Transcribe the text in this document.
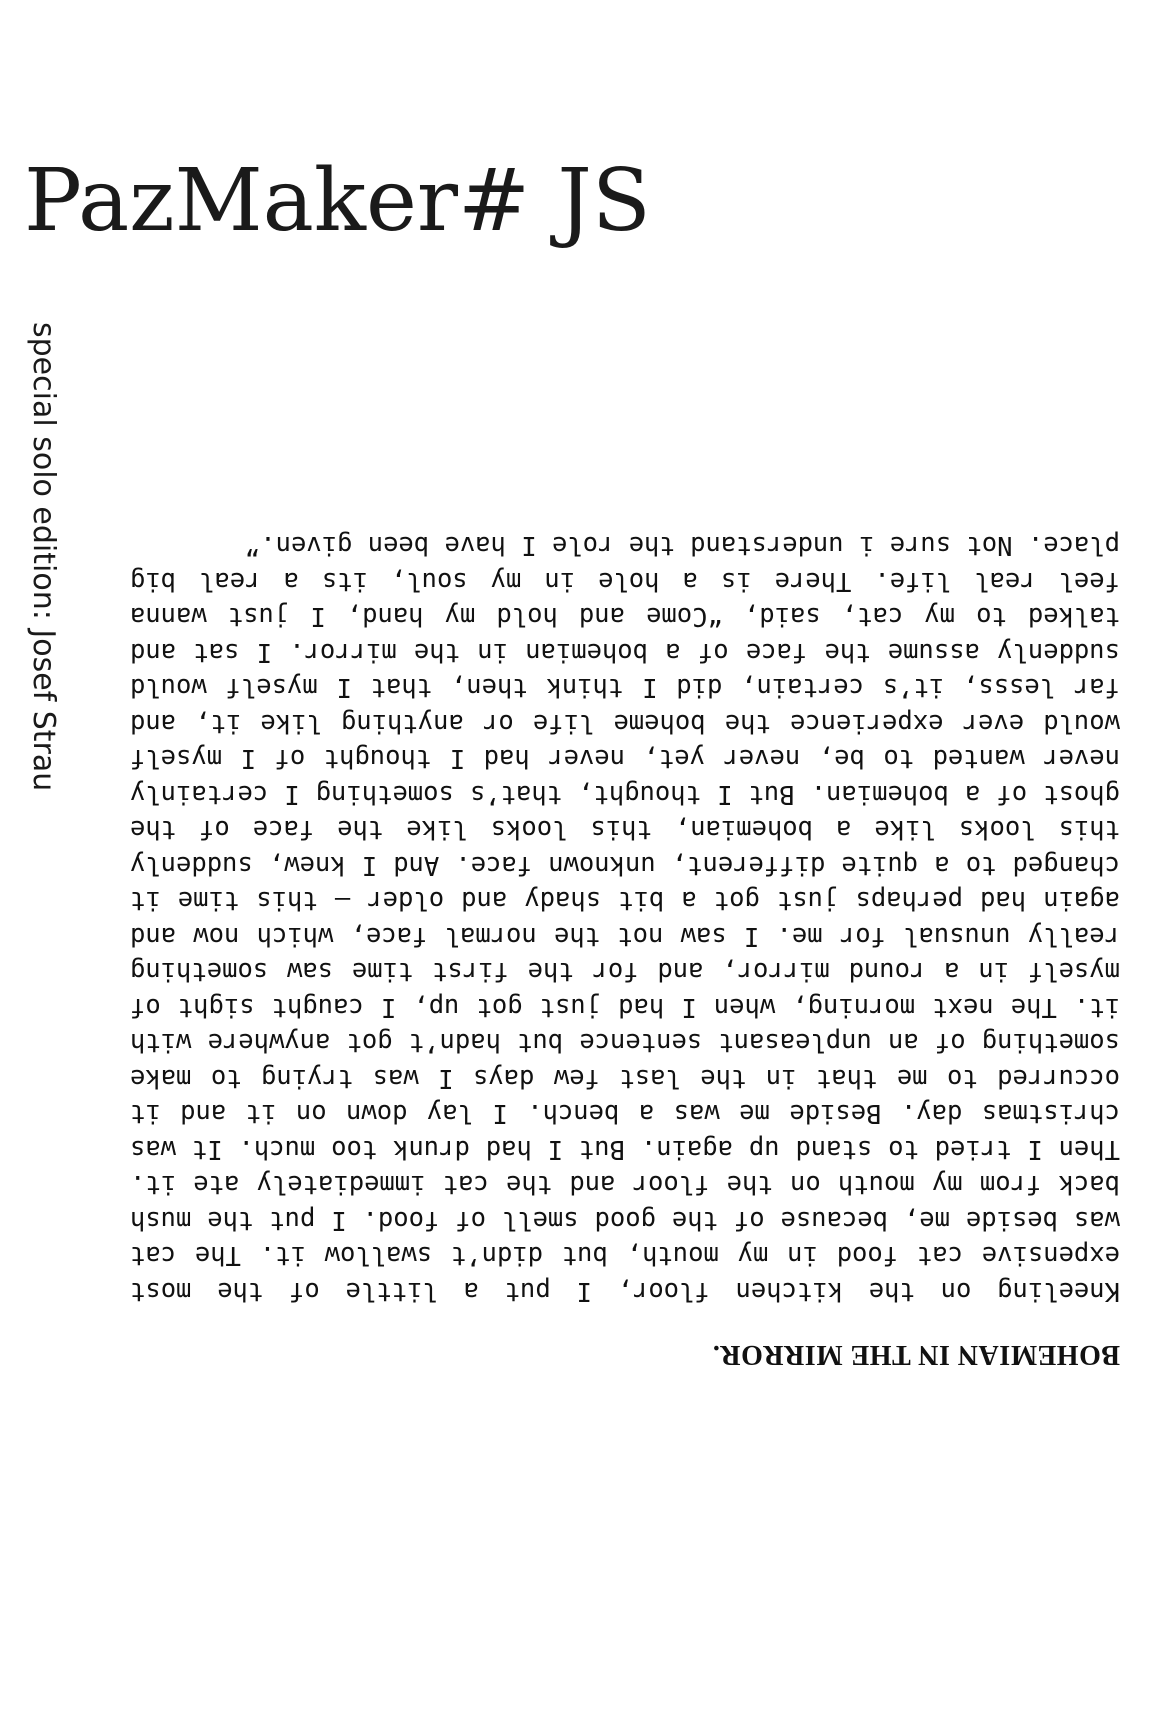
PazMaker# JS
special solo edition: Josef Strau
BOHEMIAN IN THE MIRROR.

Kneeling on the kitchen floor, I put a little of the most expensive cat food in my mouth, but didn’t swallow it. The cat was beside me, because of the good smell of food. I put the mush back from my mouth on the floor and the cat immediately ate it. Then I tried to stand up again. But I had drunk too much. It was christmas day. Beside me was a bench. I lay down on it and it occurred to me that in the last few days I was trying to make something of an unpleasant sentence but hadn’t got anywhere with it. The next morning, when I had just got up, I caught sight of myself in a round mirror, and for the first time saw something really unusual for me. I saw not the normal face, which now and again had perhaps just got a bit shady and older – this time it changed to a quite different, unknown face. And I knew, suddenly this looks like a bohemian, this looks like the face of the ghost of a bohemian. But I thought, that’s something I certainly never wanted to be, never yet, never had I thought of I myself would ever experience the boheme life or anything like it, and far lesss, it’s certain, did I think then, that I myself would suddenly assume the face of a bohemian in the mirror. I sat and talked to my cat, said, “Come and hold my hand, I just wanna feel real life. There is a hole in my soul, its a real big place. Not sure i understand the role I have been given.”
